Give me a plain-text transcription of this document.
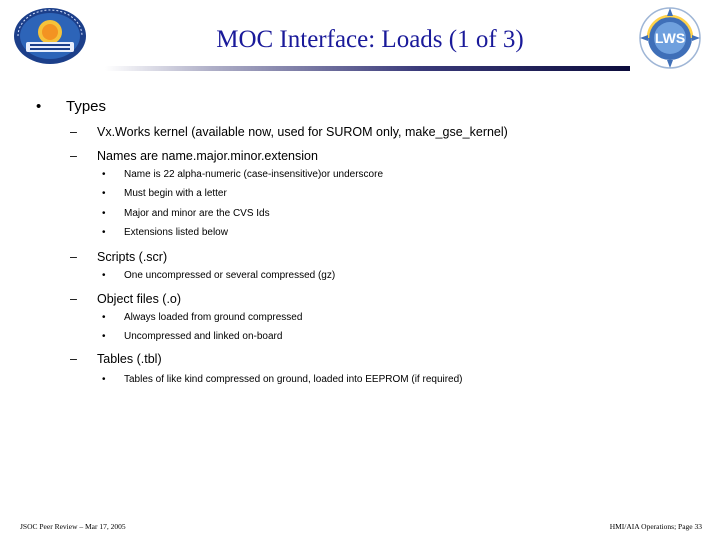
LWS
MOC Interface: Loads (1 of 3)
• Types
– Vx.Works kernel (available now, used for SUROM only, make_gse_kernel)
– Names are name.major.minor.extension
• Name is 22 alpha-numeric (case-insensitive)or underscore
• Must begin with a letter
• Major and minor are the CVS Ids
• Extensions listed below
– Scripts (.scr)
• One uncompressed or several compressed (gz)
– Object files (.o)
• Always loaded from ground compressed
• Uncompressed and linked on-board
– Tables (.tbl)
• Tables of like kind compressed on ground, loaded into EEPROM (if required)
JSOC Peer Review – Mar 17, 2005	HMI/AIA Operations; Page 33
